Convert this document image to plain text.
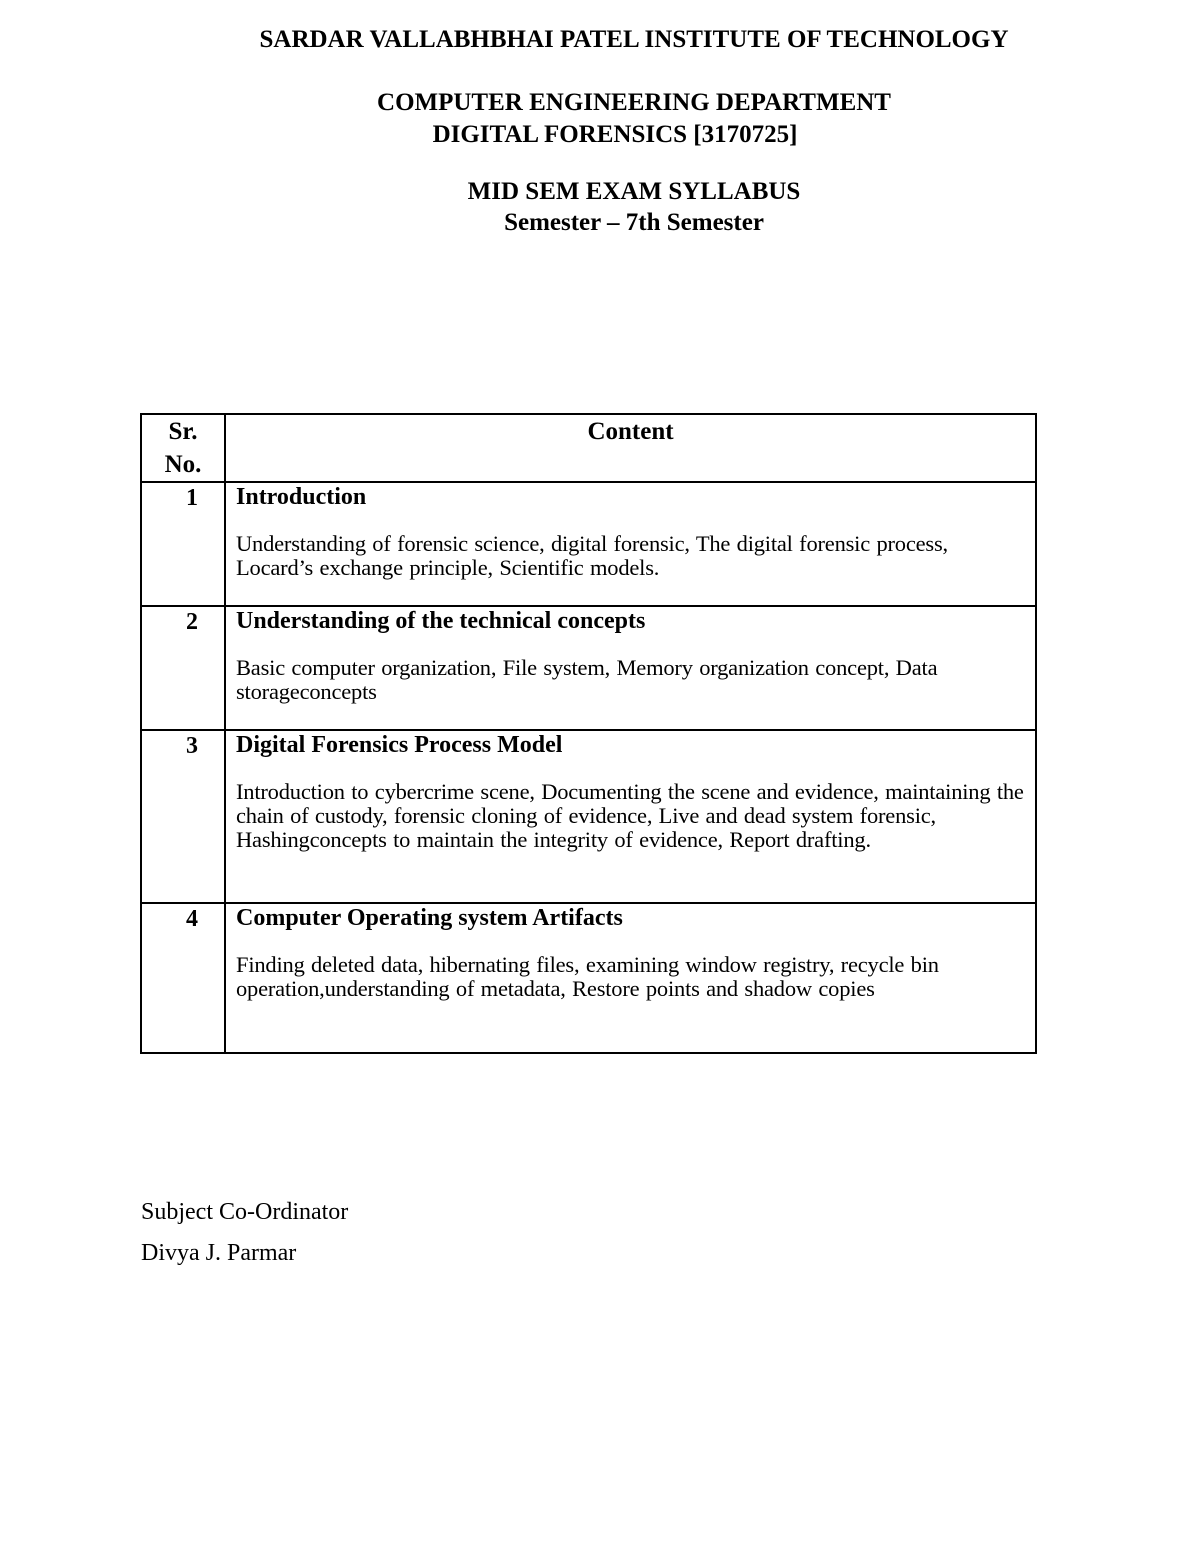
SARDAR VALLABHBHAI PATEL INSTITUTE OF TECHNOLOGY
COMPUTER ENGINEERING DEPARTMENT
DIGITAL FORENSICS [3170725]
MID SEM EXAM SYLLABUS
Semester – 7th Semester
Sr.
No.	Content
1	Introduction
Understanding of forensic science, digital forensic, The digital forensic process, Locard’s exchange principle, Scientific models.

2	Understanding of the technical concepts
Basic computer organization, File system, Memory organization concept, Data storageconcepts

3	Digital Forensics Process Model
Introduction to cybercrime scene, Documenting the scene and evidence, maintaining the chain of custody, forensic cloning of evidence, Live and dead system forensic, Hashingconcepts to maintain the integrity of evidence, Report drafting.

4	Computer Operating system Artifacts
Finding deleted data, hibernating files, examining window registry, recycle bin operation,understanding of metadata, Restore points and shadow copies
Subject Co-Ordinator
Divya J. Parmar
